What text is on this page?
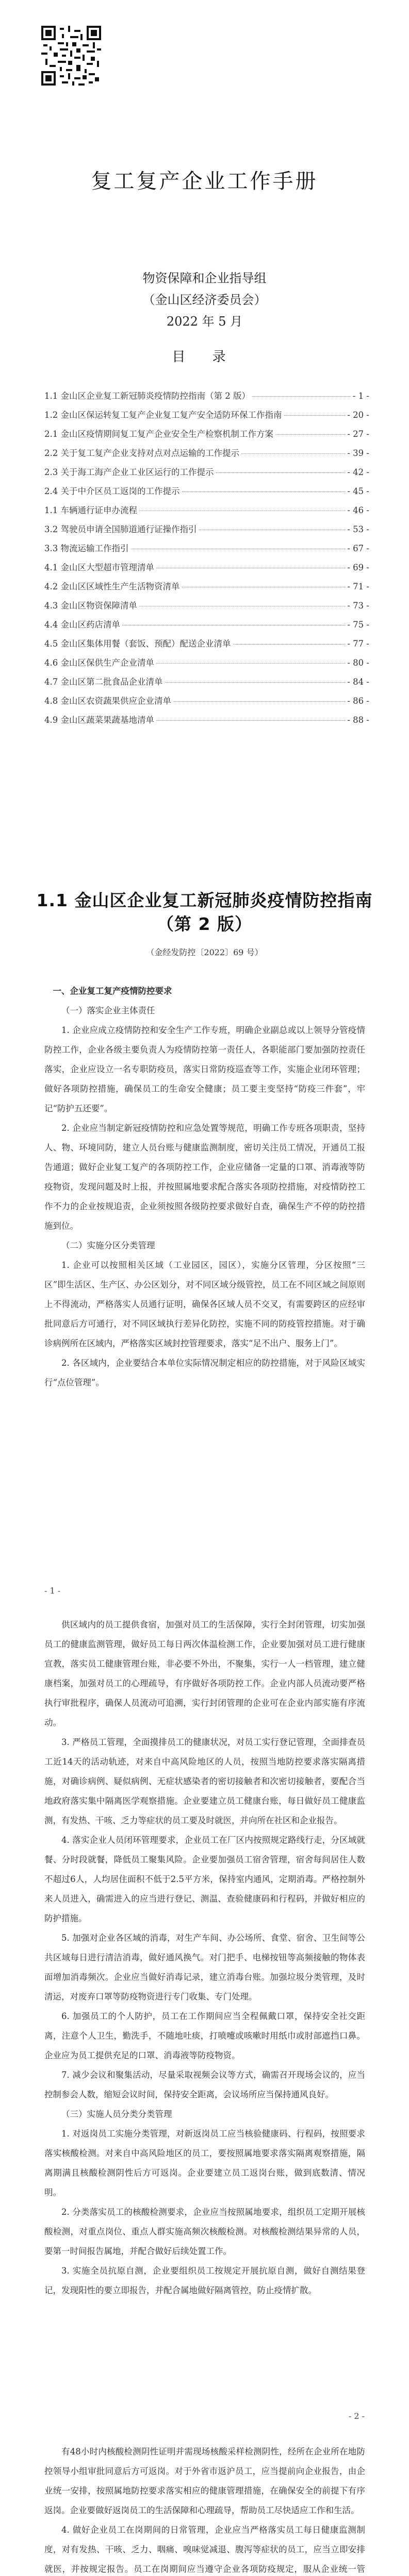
复工复产企业工作手册
物资保障和企业指导组
（金山区经济委员会）
2022 年 5 月
目 录
1.1 金山区企业复工新冠肺炎疫情防控指南（第 2 版）	- 1 -
1.2 金山区保运转复工复产企业复工复产安全适防环保工作指南	- 20 -
2.1 金山区疫情期间复工复产企业安全生产检察机制工作方案	- 27 -
2.2 关于复工复产企业支持对点对点运输的工作提示	- 39 -
2.3 关于海工海产企业工业区运行的工作提示	- 42 -
2.4 关于中介区员工返岗的工作提示	- 45 -
1.1 车辆通行证申办流程	- 46 -
3.2 驾驶员申请全国肺道通行证操作指引	- 53 -
3.3 物流运输工作指引	- 67 -
4.1 金山区大型超市管理清单	- 69 -
4.2 金山区区域性生产生活物资清单	- 71 -
4.3 金山区物资保障清单	- 73 -
4.4 金山区药店清单	- 75 -
4.5 金山区集体用餐（套饭、预配）配送企业清单	- 77 -
4.6 金山区保供生产企业清单	- 80 -
4.7 金山区第二批食品企业清单	- 84 -
4.8 金山区农资蔬果供应企业清单	- 86 -
4.9 金山区蔬菜果蔬基地清单	- 88 -
1.1 金山区企业复工新冠肺炎疫情防控指南
（第 2 版）
（金经发防控〔2022〕69 号）

一、企业复工复产疫情防控要求

（一）落实企业主体责任

1. 企业应成立疫情防控和安全生产工作专班，明确企业副总或以上领导分管疫情防控工作，企业各级主要负责人为疫情防控第一责任人，各职能部门要加强防控责任落实，企业应设立一名专职防疫员，落实日常防疫巡查等工作，实施企业闭环管理；做好各项防控措施，确保员工的生命安全健康；员工要主变坚持“防疫三件套”，牢记“防护五还要”。

2. 企业应当制定新冠疫情防控和应急处置等规范，明确工作专班各项职责，坚持人、物、环境同防，建立人员台账与健康监测制度，密切关注员工情况，开通员工报告通道；做好企业复工复产的各项防控工作，企业应储备一定量的口罩、消毒液等防疫物资，发现问题及时上报，并按照属地要求配合落实各项防控措施，对疫情防控工作不力的企业按规追责，企业须按照各级防控要求做好自查，确保生产不停的防控措施到位。

（二）实施分区分类管理

1. 企业可以按照相关区域（工业园区，园区），实施分区管理，分区按照“三区”即生活区、生产区、办公区划分，对不同区域分级管控，员工在不同区域之间原则上不得流动，严格落实人员通行证明，确保各区域人员不交叉，有需要跨区的应经审批同意后方可通行，对不同区域执行差异化防控，实施不同的防疫管控措施。对于确诊病例所在区域内，严格落实区域封控管理要求，落实“足不出户、服务上门”。

2. 各区域内，企业要结合本单位实际情况制定相应的防控措施，对于风险区域实行“点位管理”。

- 1 -

供区域内的员工提供食宿，加强对员工的生活保障，实行全封闭管理，切实加强员工的健康监测管理，做好员工每日两次体温检测工作，企业要加强对员工进行健康宣教，落实员工健康管理台账，非必要不外出，不聚集，实行一人一档管理，建立健康档案，加强对员工的心理疏导，有序做好各项防控工作。企业内部人员流动要严格执行审批程序，确保人员流动可追溯，实行封闭管理的企业可在企业内部实施有序流动。

3. 严格员工管理，全面摸排员工的健康状况，对员工实行登记管理，全面排查员工近14天的活动轨迹，对来自中高风险地区的人员，按照当地防控要求落实隔离措施，对确诊病例、疑似病例、无症状感染者的密切接触者和次密切接触者，要配合当地政府落实集中隔离医学观察措施。企业要建立员工健康台账，每日做好员工健康监测，有发热、干咳、乏力等症状的员工要及时就医，并向所在社区和企业报告。

4. 落实企业人员闭环管理要求，企业员工在厂区内按照规定路线行走，分区域就餐、分时段就餐，降低员工聚集风险。企业要加强员工宿舍管理，宿舍每间居住人数不超过6人，人均居住面积不低于2.5平方米，保持室内通风，定期消毒。严格控制外来人员进入，确需进入的应当进行登记、测温、查验健康码和行程码，并做好相应的防护措施。

5. 加强对企业各区域的消毒，对生产车间、办公场所、食堂、宿舍、卫生间等公共区域每日进行清洁消毒，做好通风换气。对门把手、电梯按钮等高频接触的物体表面增加消毒频次。企业应当做好消毒记录，建立消毒台账。加强垃圾分类管理，及时清运，对废弃口罩等防疫物资进行专门收集、专门处理。

6. 加强员工的个人防护，员工在工作期间应当全程佩戴口罩，保持安全社交距离，注意个人卫生，勤洗手，不随地吐痰，打喷嚏或咳嗽时用纸巾或肘部遮挡口鼻。企业应为员工提供充足的口罩、消毒液等防疫物资。

7. 减少会议和聚集活动，尽量采取视频会议等方式，确需召开现场会议的，应当控制参会人数，缩短会议时间，保持安全距离，会议场所应当保持通风良好。

（三）实施人员分类分类管理

1. 对返岗员工实施分类管理，对新返岗员工应当核验健康码、行程码，按照要求落实核酸检测。对来自中高风险地区的员工，要按照属地要求落实隔离观察措施，隔离期满且核酸检测阴性后方可返岗。企业要建立员工返岗台账，做到底数清、情况明。

2. 分类落实员工的核酸检测要求，企业应当按照属地要求，组织员工定期开展核酸检测，对重点岗位、重点人群实施高频次核酸检测。对核酸检测结果异常的人员，要第一时间报告属地，并配合做好后续处置工作。

3. 实施全员抗原自测，企业要组织员工按规定开展抗原自测，做好自测结果登记，发现阳性的要立即报告，并配合属地做好隔离管控，防止疫情扩散。

- 2 -

有48小时内核酸检测阴性证明并需现场核酸采样检测阴性，经所在企业所在地防控领导小组审批同意后方可返岗。对于外省市返沪员工，应当提前向企业报告，由企业统一安排，按照属地防控要求落实相应的健康管理措施，在确保安全的前提下有序返岗。企业要做好返岗员工的生活保障和心理疏导，帮助员工尽快适应工作和生活。

4. 做好企业员工在岗期间的日常管理，企业应当严格落实员工每日健康监测制度，对有发热、干咳、乏力、咽痛、嗅味觉减退、腹泻等症状的员工，应当立即安排就医，并按规定报告。员工在岗期间应当遵守企业各项防疫规定，服从企业统一管
